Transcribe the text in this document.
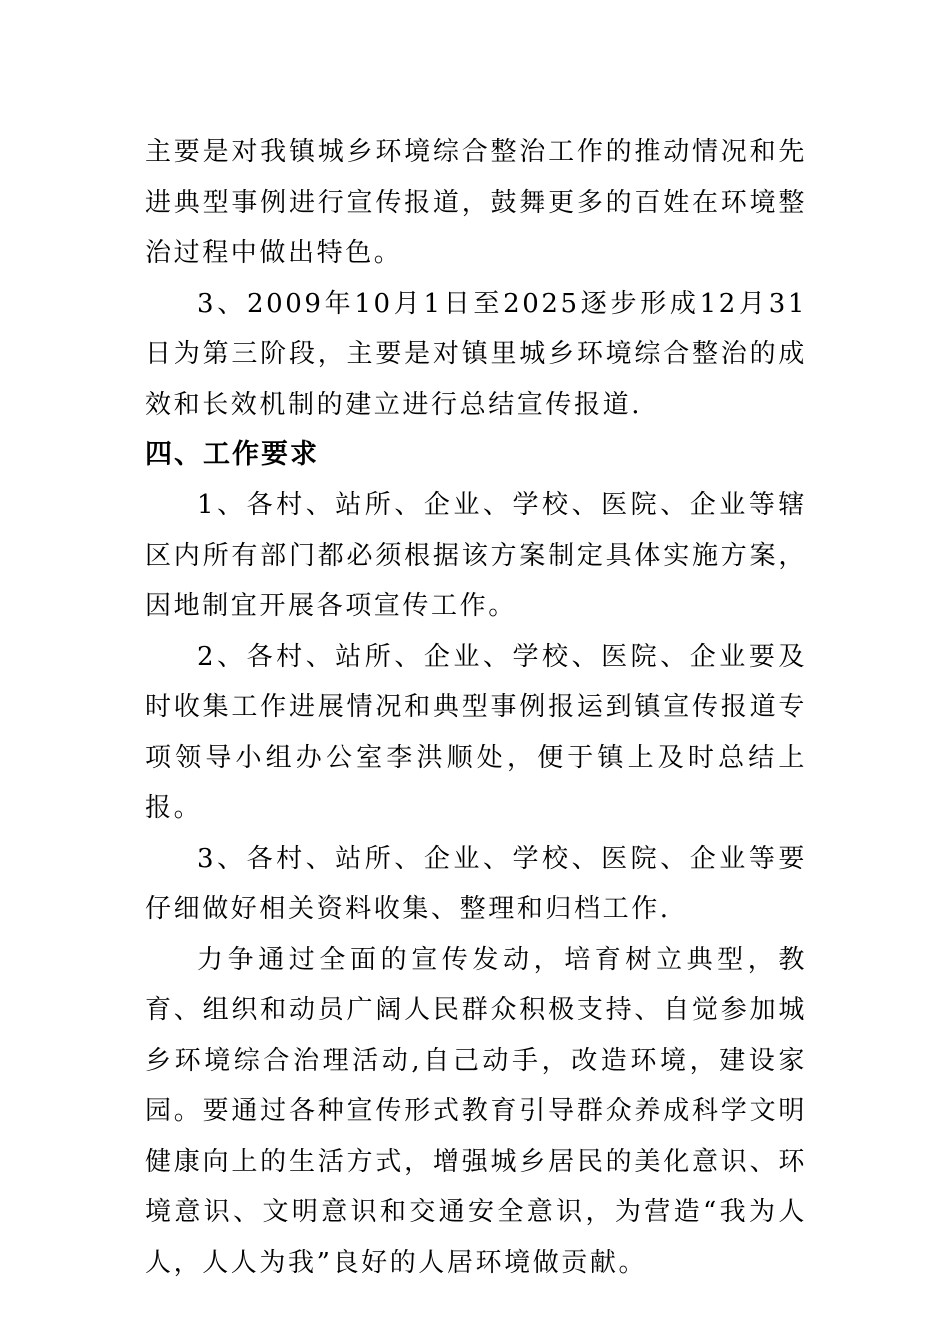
主要是对我镇城乡环境综合整治工作的推动情况和先进典型事例进行宣传报道，鼓舞更多的百姓在环境整治过程中做出特色。

3、2009年10月1日至2025逐步形成12月31日为第三阶段，主要是对镇里城乡环境综合整治的成效和长效机制的建立进行总结宣传报道.

四、工作要求

1、各村、站所、企业、学校、医院、企业等辖区内所有部门都必须根据该方案制定具体实施方案，因地制宜开展各项宣传工作。

2、各村、站所、企业、学校、医院、企业要及时收集工作进展情况和典型事例报运到镇宣传报道专项领导小组办公室李洪顺处，便于镇上及时总结上报。

3、各村、站所、企业、学校、医院、企业等要仔细做好相关资料收集、整理和归档工作.

力争通过全面的宣传发动，培育树立典型，教育、组织和动员广阔人民群众积极支持、自觉参加城乡环境综合治理活动,自己动手，改造环境，建设家园。要通过各种宣传形式教育引导群众养成科学文明健康向上的生活方式，增强城乡居民的美化意识、环境意识、文明意识和交通安全意识，为营造“我为人人，人人为我”良好的人居环境做贡献。
